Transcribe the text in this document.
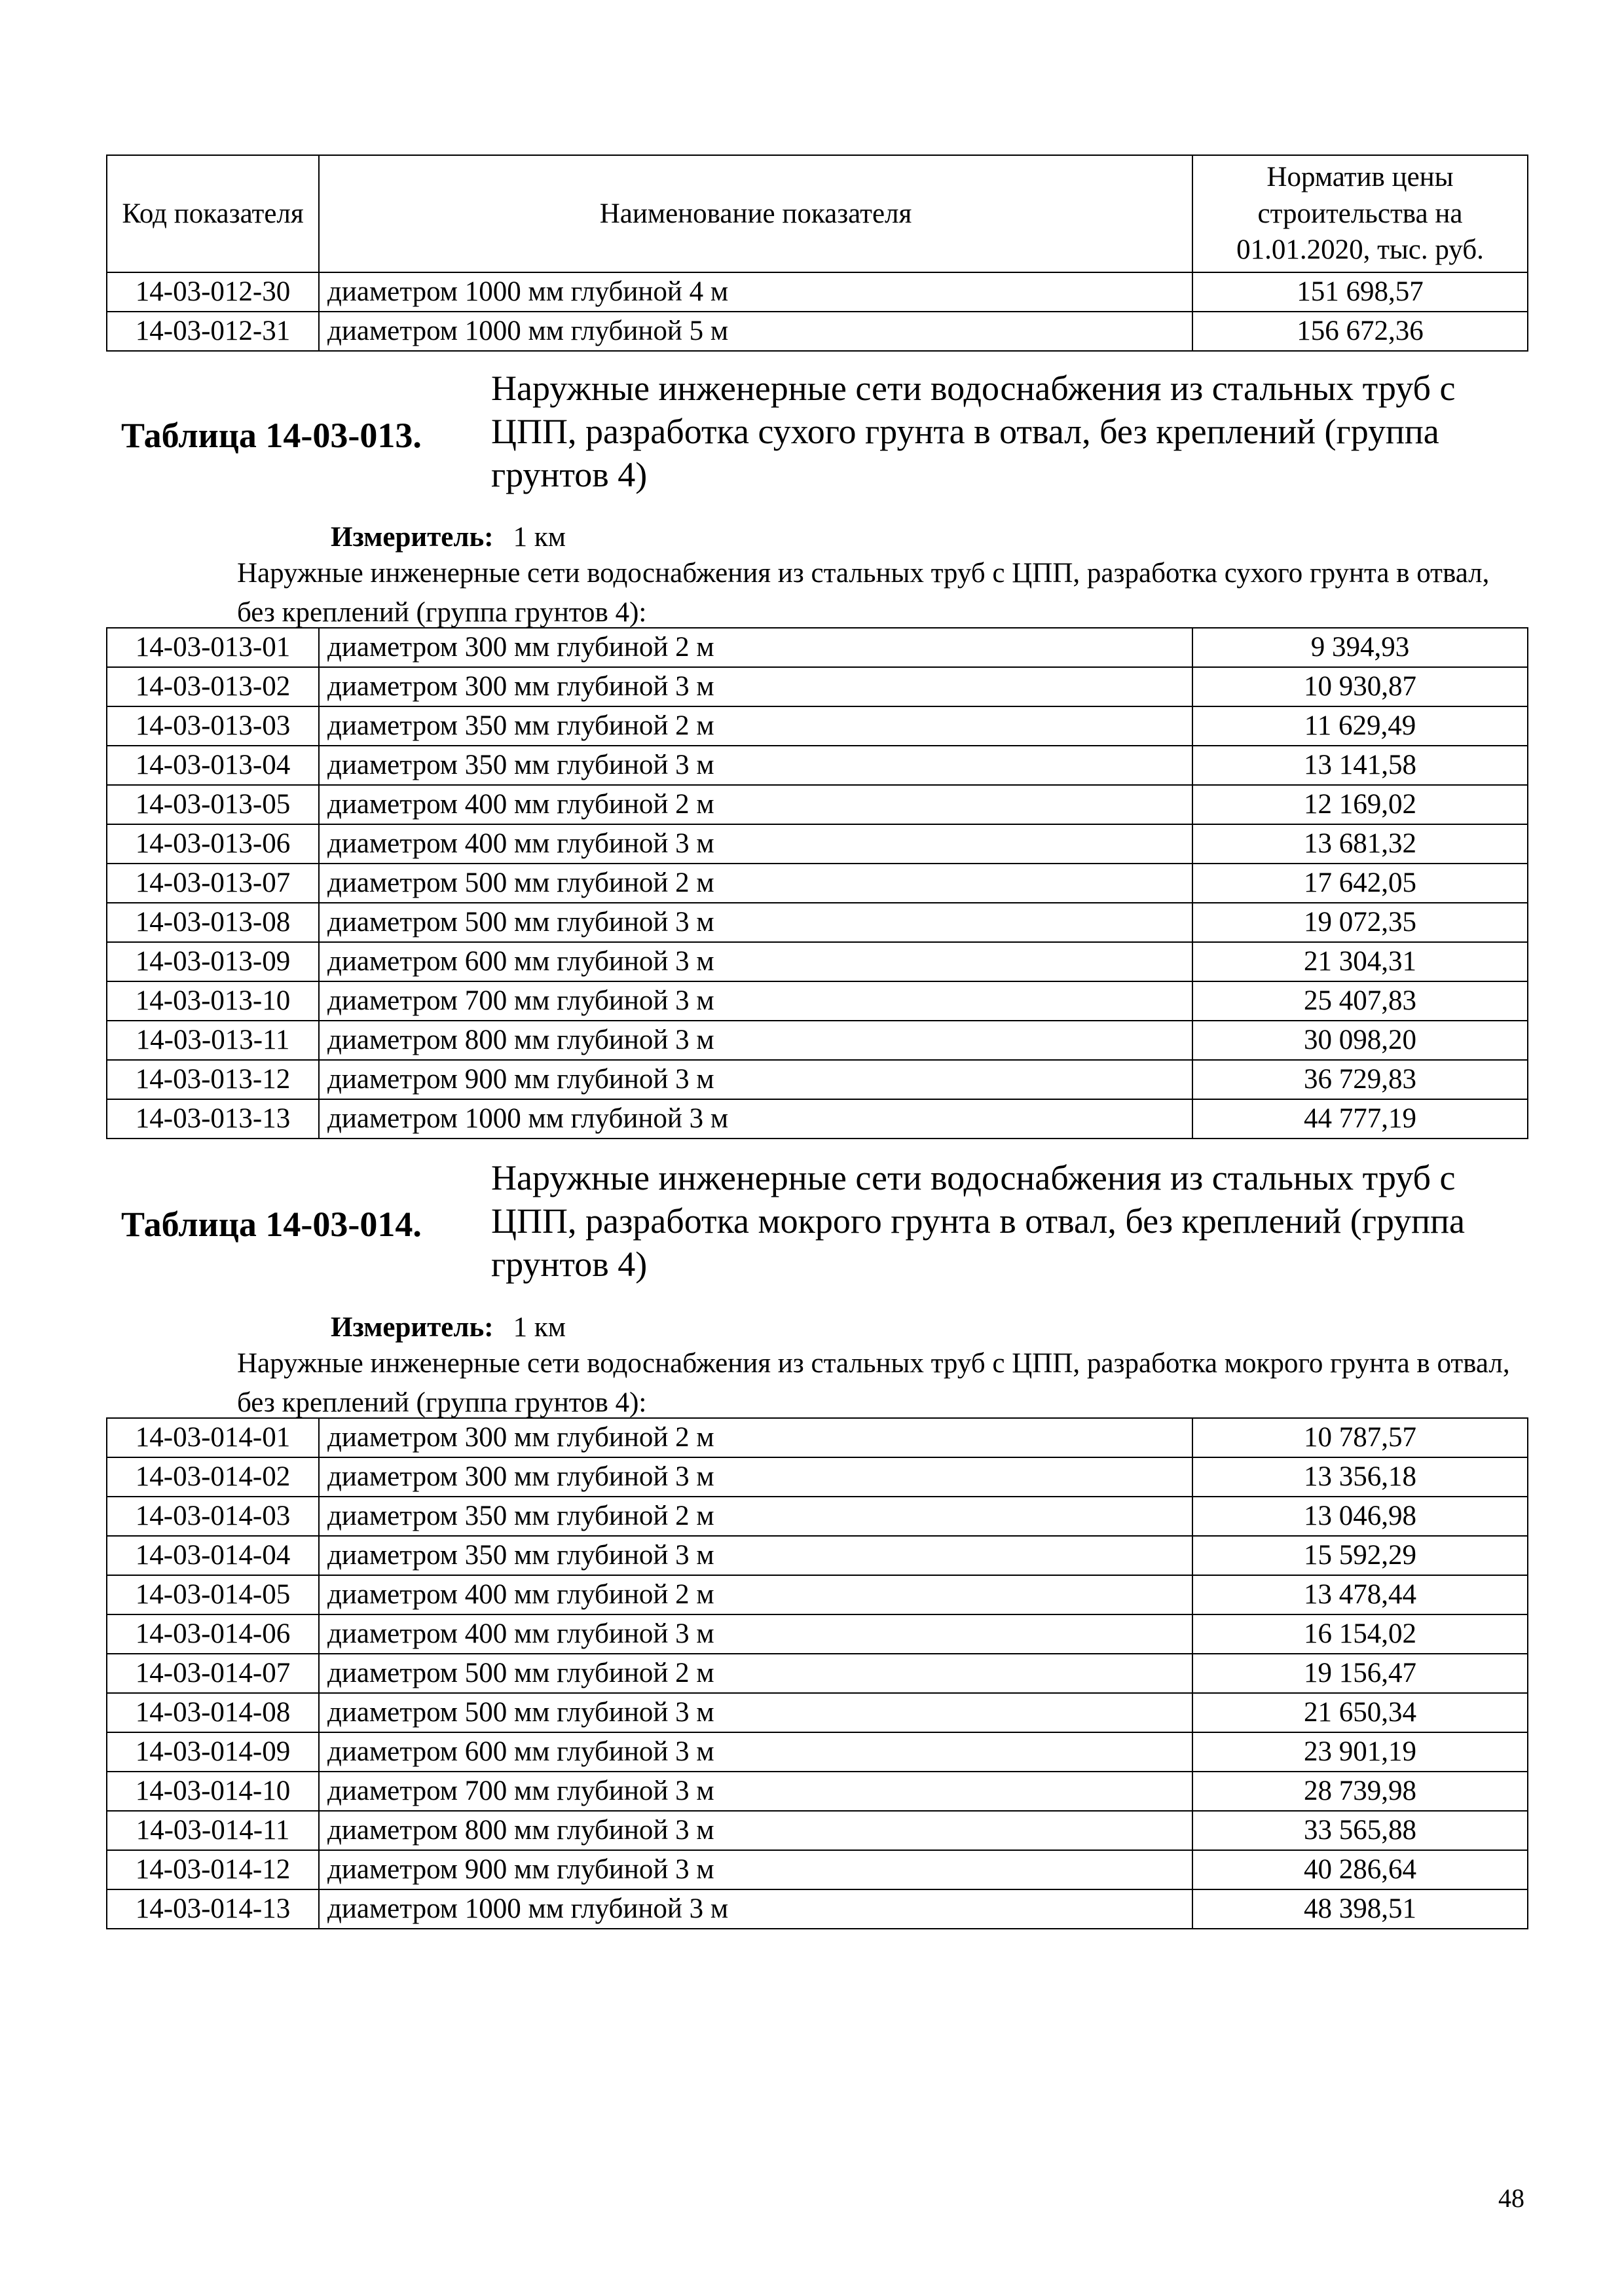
Код показателя	Наименование показателя	Норматив цены строительства на 01.01.2020, тыс. руб.
14-03-012-30	диаметром 1000 мм глубиной 4 м	151 698,57
14-03-012-31	диаметром 1000 мм глубиной 5 м	156 672,36
Таблица 14-03-013.
Наружные инженерные сети водоснабжения из стальных труб с ЦПП, разработка сухого грунта в отвал, без креплений (группа грунтов 4)
Измеритель: 1 км
Наружные инженерные сети водоснабжения из стальных труб с ЦПП, разработка сухого грунта в отвал, без креплений (группа грунтов 4):
14-03-013-01	диаметром 300 мм глубиной 2 м	9 394,93
14-03-013-02	диаметром 300 мм глубиной 3 м	10 930,87
14-03-013-03	диаметром 350 мм глубиной 2 м	11 629,49
14-03-013-04	диаметром 350 мм глубиной 3 м	13 141,58
14-03-013-05	диаметром 400 мм глубиной 2 м	12 169,02
14-03-013-06	диаметром 400 мм глубиной 3 м	13 681,32
14-03-013-07	диаметром 500 мм глубиной 2 м	17 642,05
14-03-013-08	диаметром 500 мм глубиной 3 м	19 072,35
14-03-013-09	диаметром 600 мм глубиной 3 м	21 304,31
14-03-013-10	диаметром 700 мм глубиной 3 м	25 407,83
14-03-013-11	диаметром 800 мм глубиной 3 м	30 098,20
14-03-013-12	диаметром 900 мм глубиной 3 м	36 729,83
14-03-013-13	диаметром 1000 мм глубиной 3 м	44 777,19
Таблица 14-03-014.
Наружные инженерные сети водоснабжения из стальных труб с ЦПП, разработка мокрого грунта в отвал, без креплений (группа грунтов 4)
Измеритель: 1 км
Наружные инженерные сети водоснабжения из стальных труб с ЦПП, разработка мокрого грунта в отвал, без креплений (группа грунтов 4):
14-03-014-01	диаметром 300 мм глубиной 2 м	10 787,57
14-03-014-02	диаметром 300 мм глубиной 3 м	13 356,18
14-03-014-03	диаметром 350 мм глубиной 2 м	13 046,98
14-03-014-04	диаметром 350 мм глубиной 3 м	15 592,29
14-03-014-05	диаметром 400 мм глубиной 2 м	13 478,44
14-03-014-06	диаметром 400 мм глубиной 3 м	16 154,02
14-03-014-07	диаметром 500 мм глубиной 2 м	19 156,47
14-03-014-08	диаметром 500 мм глубиной 3 м	21 650,34
14-03-014-09	диаметром 600 мм глубиной 3 м	23 901,19
14-03-014-10	диаметром 700 мм глубиной 3 м	28 739,98
14-03-014-11	диаметром 800 мм глубиной 3 м	33 565,88
14-03-014-12	диаметром 900 мм глубиной 3 м	40 286,64
14-03-014-13	диаметром 1000 мм глубиной 3 м	48 398,51
48
